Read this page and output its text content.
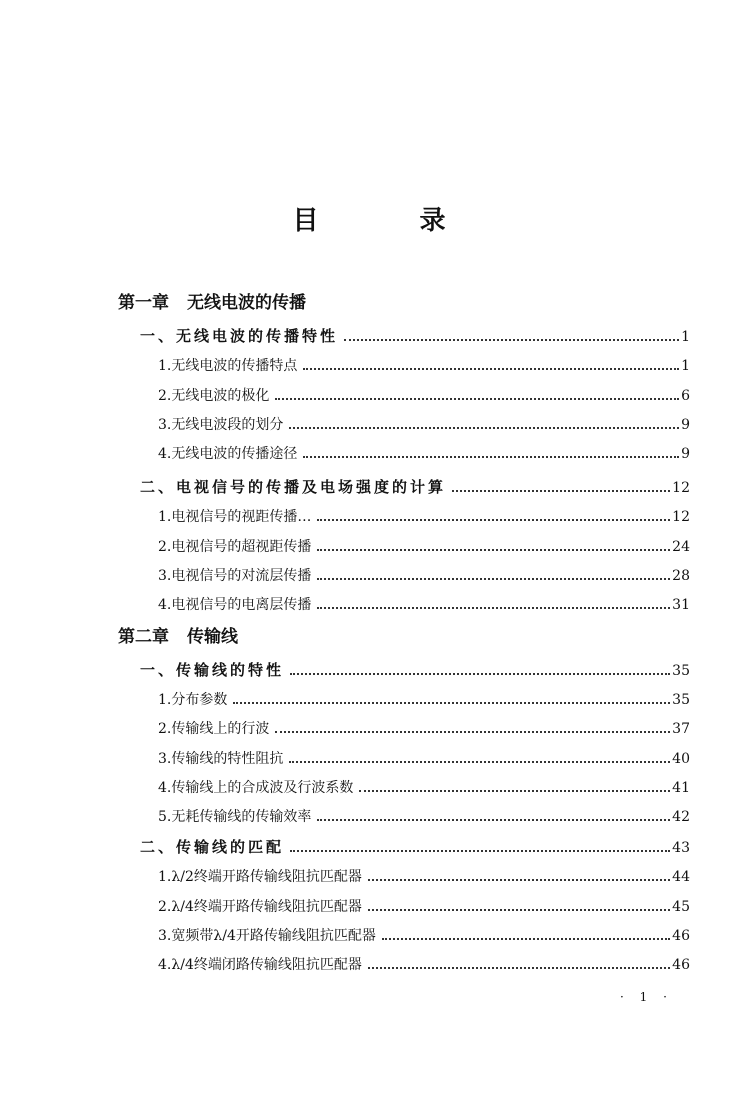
目 录
第一章 无线电波的传播
一、无线电波的传播特性	1
1.无线电波的传播特点	1
2.无线电波的极化	6
3.无线电波段的划分	9
4.无线电波的传播途径	9
二、电视信号的传播及电场强度的计算	12
1.电视信号的视距传播…	12
2.电视信号的超视距传播	24
3.电视信号的对流层传播	28
4.电视信号的电离层传播	31
第二章 传输线
一、传输线的特性	35
1.分布参数	35
2.传输线上的行波	37
3.传输线的特性阻抗	40
4.传输线上的合成波及行波系数	41
5.无耗传输线的传输效率	42
二、传输线的匹配	43
1.λ/2终端开路传输线阻抗匹配器	44
2.λ/4终端开路传输线阻抗匹配器	45
3.宽频带λ/4开路传输线阻抗匹配器	46
4.λ/4终端闭路传输线阻抗匹配器	46
· 1 ·
